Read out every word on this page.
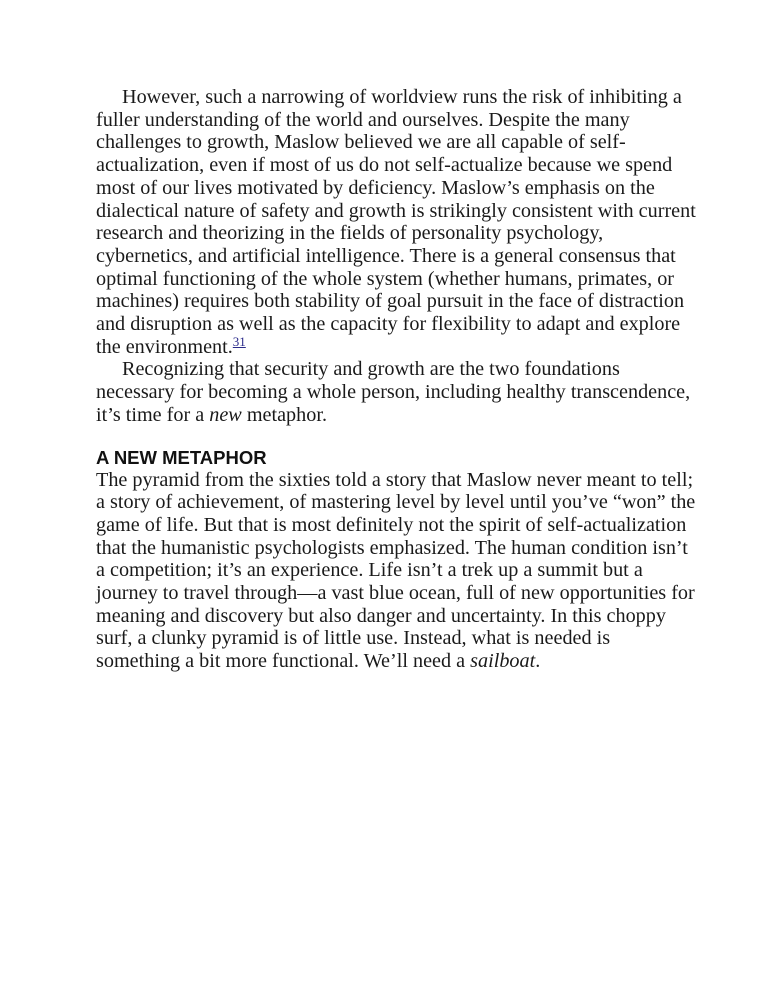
However, such a narrowing of worldview runs the risk of inhibiting a fuller understanding of the world and ourselves. Despite the many challenges to growth, Maslow believed we are all capable of self-actualization, even if most of us do not self-actualize because we spend most of our lives motivated by deficiency. Maslow’s emphasis on the dialectical nature of safety and growth is strikingly consistent with current research and theorizing in the fields of personality psychology, cybernetics, and artificial intelligence. There is a general consensus that optimal functioning of the whole system (whether humans, primates, or machines) requires both stability of goal pursuit in the face of distraction and disruption as well as the capacity for flexibility to adapt and explore the environment.$^{31}$

Recognizing that security and growth are the two foundations necessary for becoming a whole person, including healthy transcendence, it’s time for a new metaphor.

A NEW METAPHOR

The pyramid from the sixties told a story that Maslow never meant to tell; a story of achievement, of mastering level by level until you’ve “won” the game of life. But that is most definitely not the spirit of self-actualization that the humanistic psychologists emphasized. The human condition isn’t a competition; it’s an experience. Life isn’t a trek up a summit but a journey to travel through—a vast blue ocean, full of new opportunities for meaning and discovery but also danger and uncertainty. In this choppy surf, a clunky pyramid is of little use. Instead, what is needed is something a bit more functional. We’ll need a sailboat.
